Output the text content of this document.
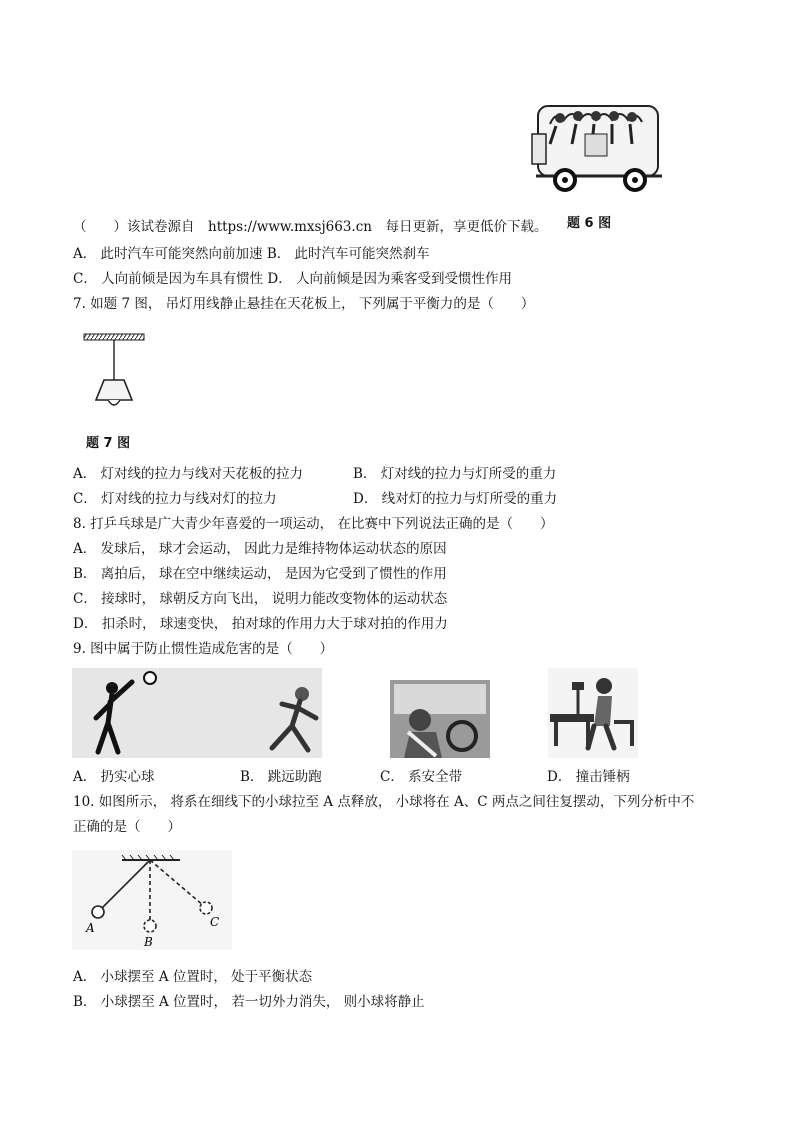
题 6 图
（　　）该试卷源自　https://www.mxsj663.cn　每日更新，享更低价下载。
A． 此时汽车可能突然向前加速 B． 此时汽车可能突然刹车
C． 人向前倾是因为车具有惯性 D． 人向前倾是因为乘客受到受惯性作用
7. 如题 7 图， 吊灯用线静止悬挂在天花板上， 下列属于平衡力的是（　　）
题 7 图
A． 灯对线的拉力与线对天花板的拉力	B． 灯对线的拉力与灯所受的重力
C． 灯对线的拉力与线对灯的拉力	D． 线对灯的拉力与灯所受的重力
8. 打乒乓球是广大青少年喜爱的一项运动， 在比赛中下列说法正确的是（　　）
A． 发球后， 球才会运动， 因此力是维持物体运动状态的原因
B． 离拍后， 球在空中继续运动， 是因为它受到了惯性的作用
C． 接球时， 球朝反方向飞出， 说明力能改变物体的运动状态
D． 扣杀时， 球速变快， 拍对球的作用力大于球对拍的作用力
9. 图中属于防止惯性造成危害的是（　　）
A． 扔实心球	B． 跳远助跑	C． 系安全带	D． 撞击锤柄
10. 如图所示， 将系在细线下的小球拉至 A 点释放， 小球将在 A、C 两点之间往复摆动，下列分析中不
正确的是（　　）
A
B
C
A． 小球摆至 A 位置时， 处于平衡状态
B． 小球摆至 A 位置时， 若一切外力消失， 则小球将静止
